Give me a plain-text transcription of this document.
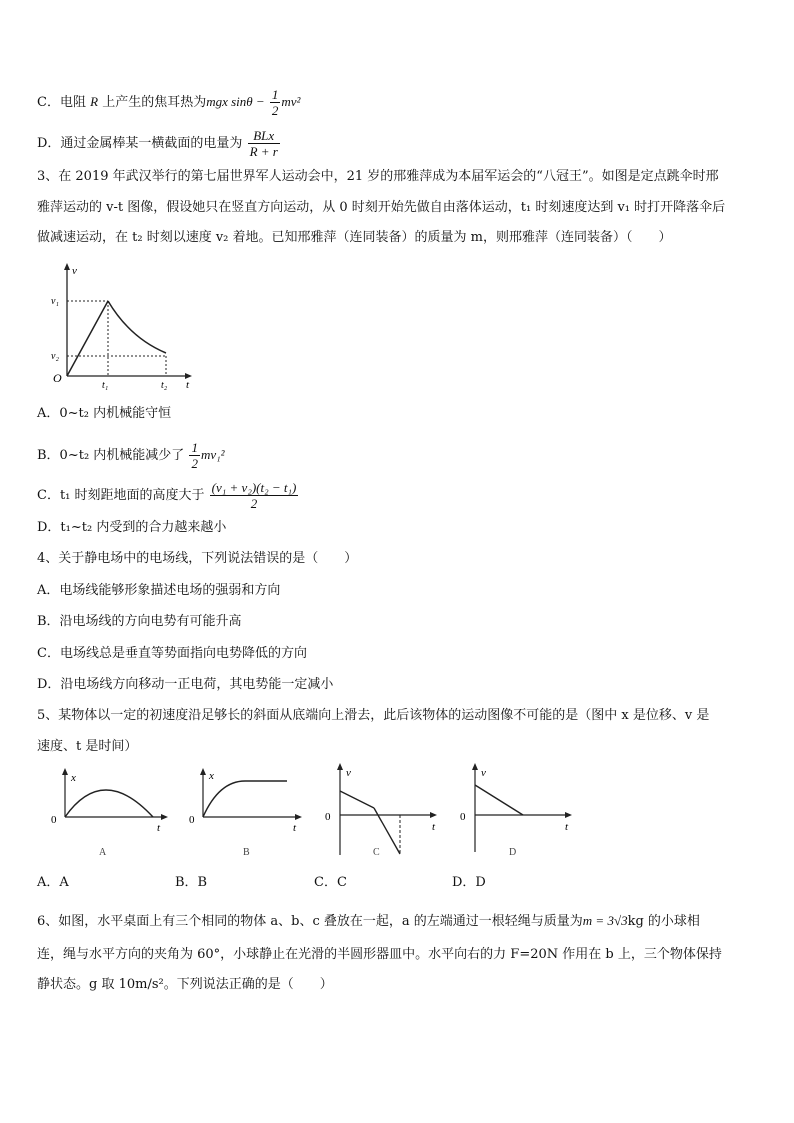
C．电阻 R 上产生的焦耳热为mgx $\sin\theta - \frac{1}{2} mv^2$
D．通过金属棒某一横截面的电量为 $\frac{\text{BLx}}{R + r}$
3、在 2019 年武汉举行的第七届世界军人运动会中，21 岁的邢雅萍成为本届军运会的“八冠王”。如图是定点跳伞时邢
雅萍运动的 v-t 图像，假设她只在竖直方向运动，从 0 时刻开始先做自由落体运动，t₁ 时刻速度达到 v₁ 时打开降落伞后
做减速运动，在 t₂ 时刻以速度 v₂ 着地。已知邢雅萍（连同装备）的质量为 m，则邢雅萍（连同装备）（　　）
v
v₁
v₂
O
t₁	t₂ t
A．0~t₂ 内机械能守恒
B．0~t₂ 内机械能减少了 $\frac{1}{2} mv_1^2$
C．t₁ 时刻距地面的高度大于 $\frac{\text{(v₁ + v₂)(t₂ − t₁)}}{2}$
D．t₁~t₂ 内受到的合力越来越小
4、关于静电场中的电场线，下列说法错误的是（　　）
A．电场线能够形象描述电场的强弱和方向
B．沿电场线的方向电势有可能升高
C．电场线总是垂直等势面指向电势降低的方向
D．沿电场线方向移动一正电荷，其电势能一定减小
5、某物体以一定的初速度沿足够长的斜面从底端向上滑去，此后该物体的运动图像不可能的是（图中 x 是位移、v 是
速度、t 是时间）
x
0
t
A
x
0
t
B
v
0
t
C
v
0
t
D
A．A	B．B	C．C	D．D
6、如图，水平桌面上有三个相同的物体 a、b、c 叠放在一起，a 的左端通过一根轻绳与质量为m = 3√3kg 的小球相
连，绳与水平方向的夹角为 60°，小球静止在光滑的半圆形器皿中。水平向右的力 F=20N 作用在 b 上，三个物体保持
静状态。g 取 10m/s²。下列说法正确的是（　　）
